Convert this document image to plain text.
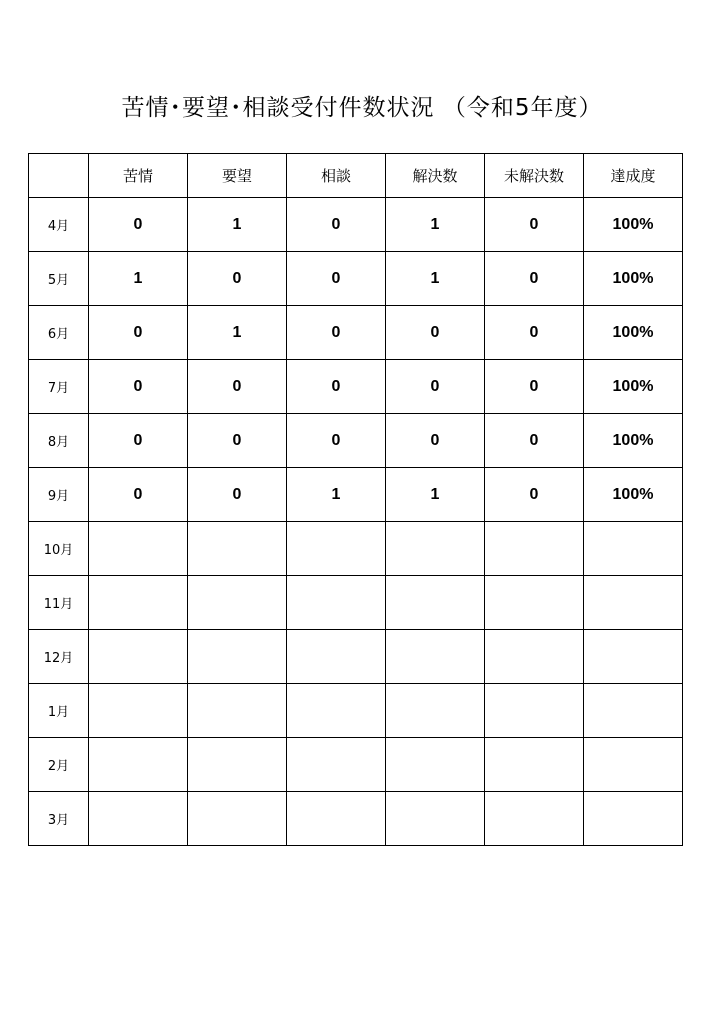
苦情･要望･相談受付件数状況 （令和5年度）
	苦情	要望	相談	解決数	未解決数	達成度
4月	0	1	0	1	0	100%
5月	1	0	0	1	0	100%
6月	0	1	0	0	0	100%
7月	0	0	0	0	0	100%
8月	0	0	0	0	0	100%
9月	0	0	1	1	0	100%
10月						
11月						
12月						
1月						
2月						
3月						
